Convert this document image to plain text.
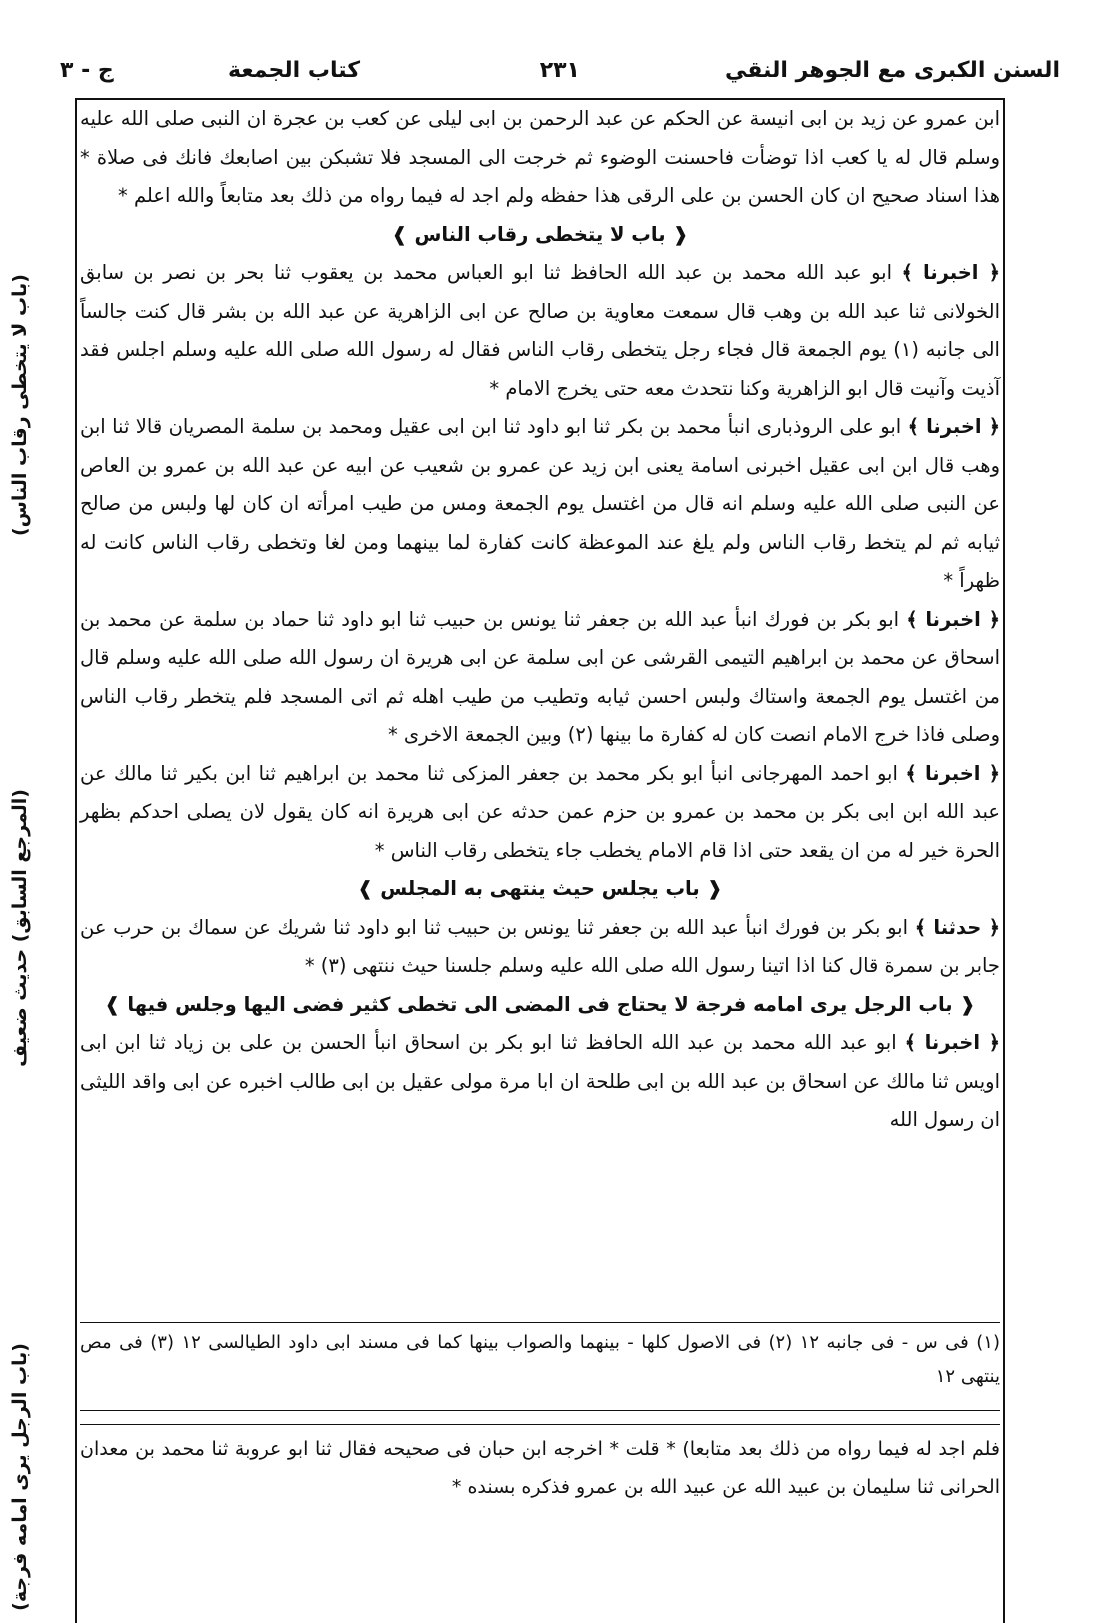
السنن الكبرى مع الجوهر النقي
٢٣١
كتاب الجمعة
ج - ٣
(باب لا يتخطى رقاب الناس)
(المرجع السابق) حديث ضعيف
(باب الرجل يرى امامه فرجة)

ابن عمرو عن زيد بن ابى انيسة عن الحكم عن عبد الرحمن بن ابى ليلى عن كعب بن عجرة ان النبى صلى الله عليه وسلم قال له يا كعب اذا توضأت فاحسنت الوضوء ثم خرجت الى المسجد فلا تشبكن بين اصابعك فانك فى صلاة * هذا اسناد صحيح ان كان الحسن بن على الرقى هذا حفظه ولم اجد له فيما رواه من ذلك بعد متابعاً والله اعلم *

❰ باب لا يتخطى رقاب الناس ❱

﴿ اخبرنا ﴾ ابو عبد الله محمد بن عبد الله الحافظ ثنا ابو العباس محمد بن يعقوب ثنا بحر بن نصر بن سابق الخولانى ثنا عبد الله بن وهب قال سمعت معاوية بن صالح عن ابى الزاهرية عن عبد الله بن بشر قال كنت جالساً الى جانبه (١) يوم الجمعة قال فجاء رجل يتخطى رقاب الناس فقال له رسول الله صلى الله عليه وسلم اجلس فقد آذيت وآنيت قال ابو الزاهرية وكنا نتحدث معه حتى يخرج الامام *

﴿ اخبرنا ﴾ ابو على الروذبارى انبأ محمد بن بكر ثنا ابو داود ثنا ابن ابى عقيل ومحمد بن سلمة المصريان قالا ثنا ابن وهب قال ابن ابى عقيل اخبرنى اسامة يعنى ابن زيد عن عمرو بن شعيب عن ابيه عن عبد الله بن عمرو بن العاص عن النبى صلى الله عليه وسلم انه قال من اغتسل يوم الجمعة ومس من طيب امرأته ان كان لها ولبس من صالح ثيابه ثم لم يتخط رقاب الناس ولم يلغ عند الموعظة كانت كفارة لما بينهما ومن لغا وتخطى رقاب الناس كانت له ظهراً *

﴿ اخبرنا ﴾ ابو بكر بن فورك انبأ عبد الله بن جعفر ثنا يونس بن حبيب ثنا ابو داود ثنا حماد بن سلمة عن محمد بن اسحاق عن محمد بن ابراهيم التيمى القرشى عن ابى سلمة عن ابى هريرة ان رسول الله صلى الله عليه وسلم قال من اغتسل يوم الجمعة واستاك ولبس احسن ثيابه وتطيب من طيب اهله ثم اتى المسجد فلم يتخطر رقاب الناس وصلى فاذا خرج الامام انصت كان له كفارة ما بينها (٢) وبين الجمعة الاخرى *

﴿ اخبرنا ﴾ ابو احمد المهرجانى انبأ ابو بكر محمد بن جعفر المزكى ثنا محمد بن ابراهيم ثنا ابن بكير ثنا مالك عن عبد الله ابن ابى بكر بن محمد بن عمرو بن حزم عمن حدثه عن ابى هريرة انه كان يقول لان يصلى احدكم بظهر الحرة خير له من ان يقعد حتى اذا قام الامام يخطب جاء يتخطى رقاب الناس *

❰ باب يجلس حيث ينتهى به المجلس ❱

﴿ حدثنا ﴾ ابو بكر بن فورك انبأ عبد الله بن جعفر ثنا يونس بن حبيب ثنا ابو داود ثنا شريك عن سماك بن حرب عن جابر بن سمرة قال كنا اذا اتينا رسول الله صلى الله عليه وسلم جلسنا حيث ننتهى (٣) *

❰ باب الرجل يرى امامه فرجة لا يحتاج فى المضى الى تخطى كثير فضى اليها وجلس فيها ❱

﴿ اخبرنا ﴾ ابو عبد الله محمد بن عبد الله الحافظ ثنا ابو بكر بن اسحاق انبأ الحسن بن على بن زياد ثنا ابن ابى اويس ثنا مالك عن اسحاق بن عبد الله بن ابى طلحة ان ابا مرة مولى عقيل بن ابى طالب اخبره عن ابى واقد الليثى ان رسول الله

(١) فى س - فى جانبه ١٢ (٢) فى الاصول كلها - بينهما والصواب بينها كما فى مسند ابى داود الطيالسى ١٢ (٣) فى مص ينتهى ١٢

فلم اجد له فيما رواه من ذلك بعد متابعا) * قلت * اخرجه ابن حبان فى صحيحه فقال ثنا ابو عروبة ثنا محمد بن معدان الحرانى ثنا سليمان بن عبيد الله عن عبيد الله بن عمرو فذكره بسنده *
